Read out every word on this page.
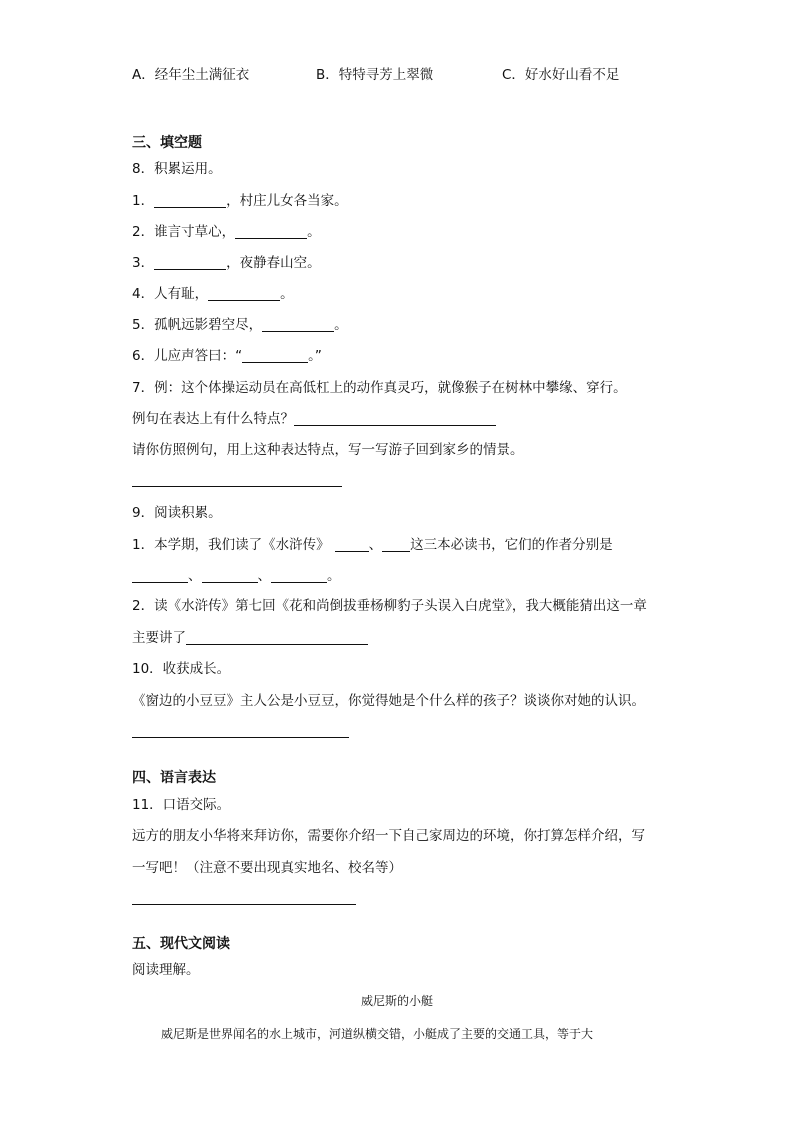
A．经年尘土满征衣	B．特特寻芳上翠微	C．好水好山看不足
三、填空题
8．积累运用。
1．	，村庄儿女各当家。
2．谁言寸草心，	。
3．	，夜静春山空。
4．人有耻，	。
5．孤帆远影碧空尽，	。
6．儿应声答曰：“	。”
7．例：这个体操运动员在高低杠上的动作真灵巧，就像猴子在树林中攀缘、穿行。
例句在表达上有什么特点？
请你仿照例句，用上这种表达特点，写一写游子回到家乡的情景。
9．阅读积累。
1．本学期，我们读了《水浒传》	、 这三本必读书，它们的作者分别是
、	、	。
2．读《水浒传》第七回《花和尚倒拔垂杨柳豹子头误入白虎堂》，我大概能猜出这一章
主要讲了
10．收获成长。
《窗边的小豆豆》主人公是小豆豆，你觉得她是个什么样的孩子？谈谈你对她的认识。
四、语言表达
11．口语交际。
远方的朋友小华将来拜访你，需要你介绍一下自己家周边的环境，你打算怎样介绍，写
一写吧！（注意不要出现真实地名、校名等）
五、现代文阅读
阅读理解。
威尼斯的小艇
威尼斯是世界闻名的水上城市，河道纵横交错，小艇成了主要的交通工具，等于大
